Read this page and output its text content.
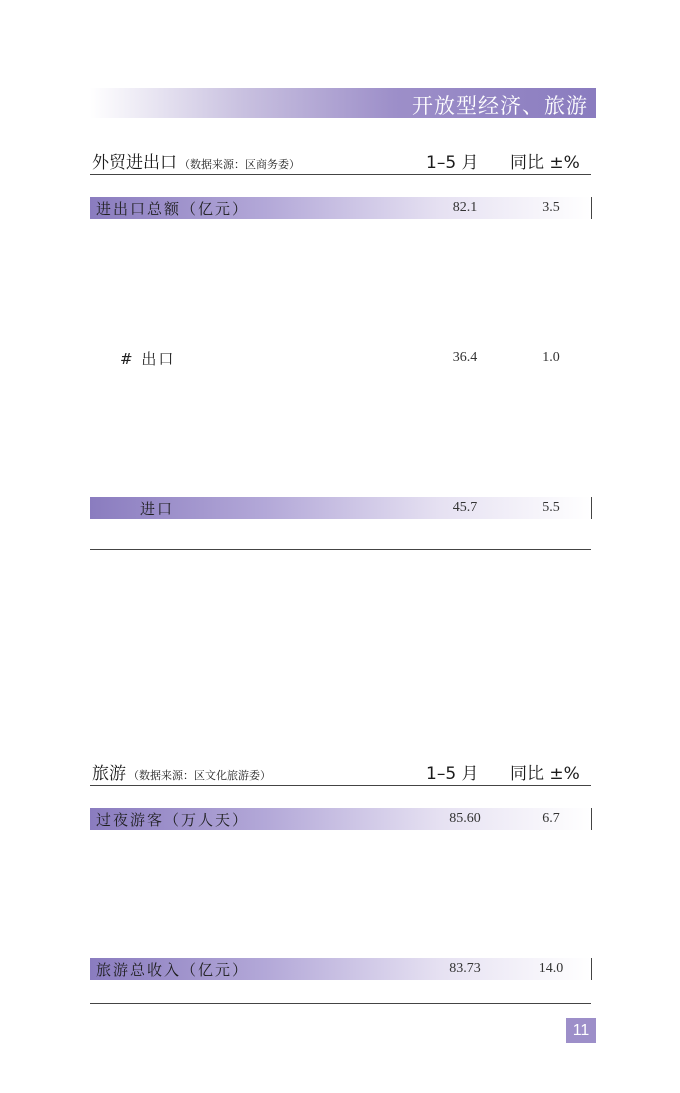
开放型经济、旅游
外贸进出口 （数据来源：区商务委）	1–5 月 同比 ±%
进出口总额（亿元）	82.1	3.5
# 出口	36.4	1.0
进口	45.7	5.5
旅游 （数据来源：区文化旅游委）	1–5 月 同比 ±%
过夜游客（万人天）	85.60	6.7
旅游总收入（亿元）	83.73	14.0
11
